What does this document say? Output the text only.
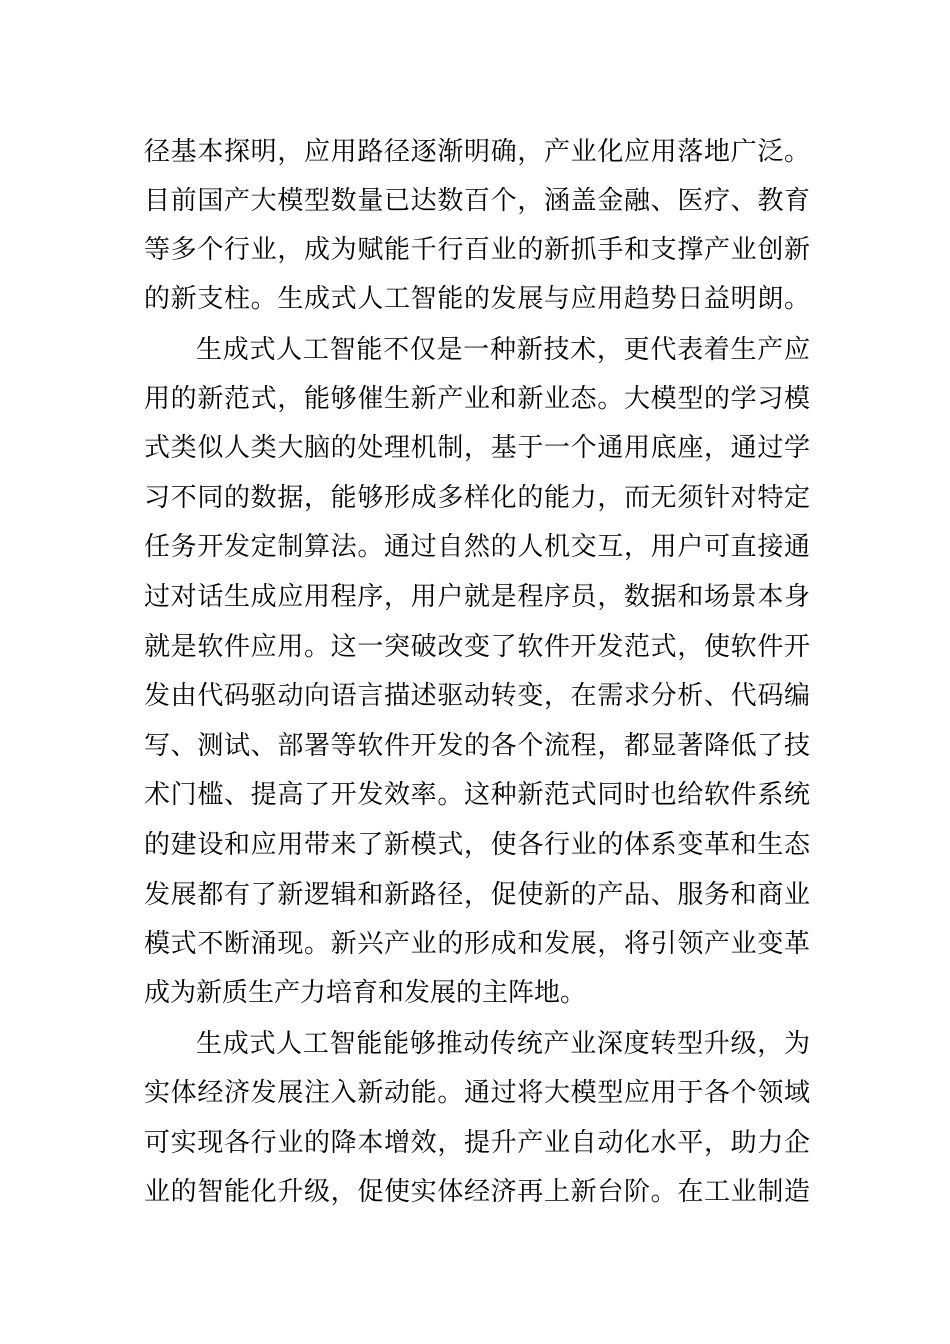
径基本探明，应用路径逐渐明确，产业化应用落地广泛。
目前国产大模型数量已达数百个，涵盖金融、医疗、教育
等多个行业，成为赋能千行百业的新抓手和支撑产业创新
的新支柱。生成式人工智能的发展与应用趋势日益明朗。
生成式人工智能不仅是一种新技术，更代表着生产应
用的新范式，能够催生新产业和新业态。大模型的学习模
式类似人类大脑的处理机制，基于一个通用底座，通过学
习不同的数据，能够形成多样化的能力，而无须针对特定
任务开发定制算法。通过自然的人机交互，用户可直接通
过对话生成应用程序，用户就是程序员，数据和场景本身
就是软件应用。这一突破改变了软件开发范式，使软件开
发由代码驱动向语言描述驱动转变，在需求分析、代码编
写、测试、部署等软件开发的各个流程，都显著降低了技
术门槛、提高了开发效率。这种新范式同时也给软件系统
的建设和应用带来了新模式，使各行业的体系变革和生态
发展都有了新逻辑和新路径，促使新的产品、服务和商业
模式不断涌现。新兴产业的形成和发展，将引领产业变革
成为新质生产力培育和发展的主阵地。
生成式人工智能能够推动传统产业深度转型升级，为
实体经济发展注入新动能。通过将大模型应用于各个领域
可实现各行业的降本增效，提升产业自动化水平，助力企
业的智能化升级，促使实体经济再上新台阶。在工业制造
